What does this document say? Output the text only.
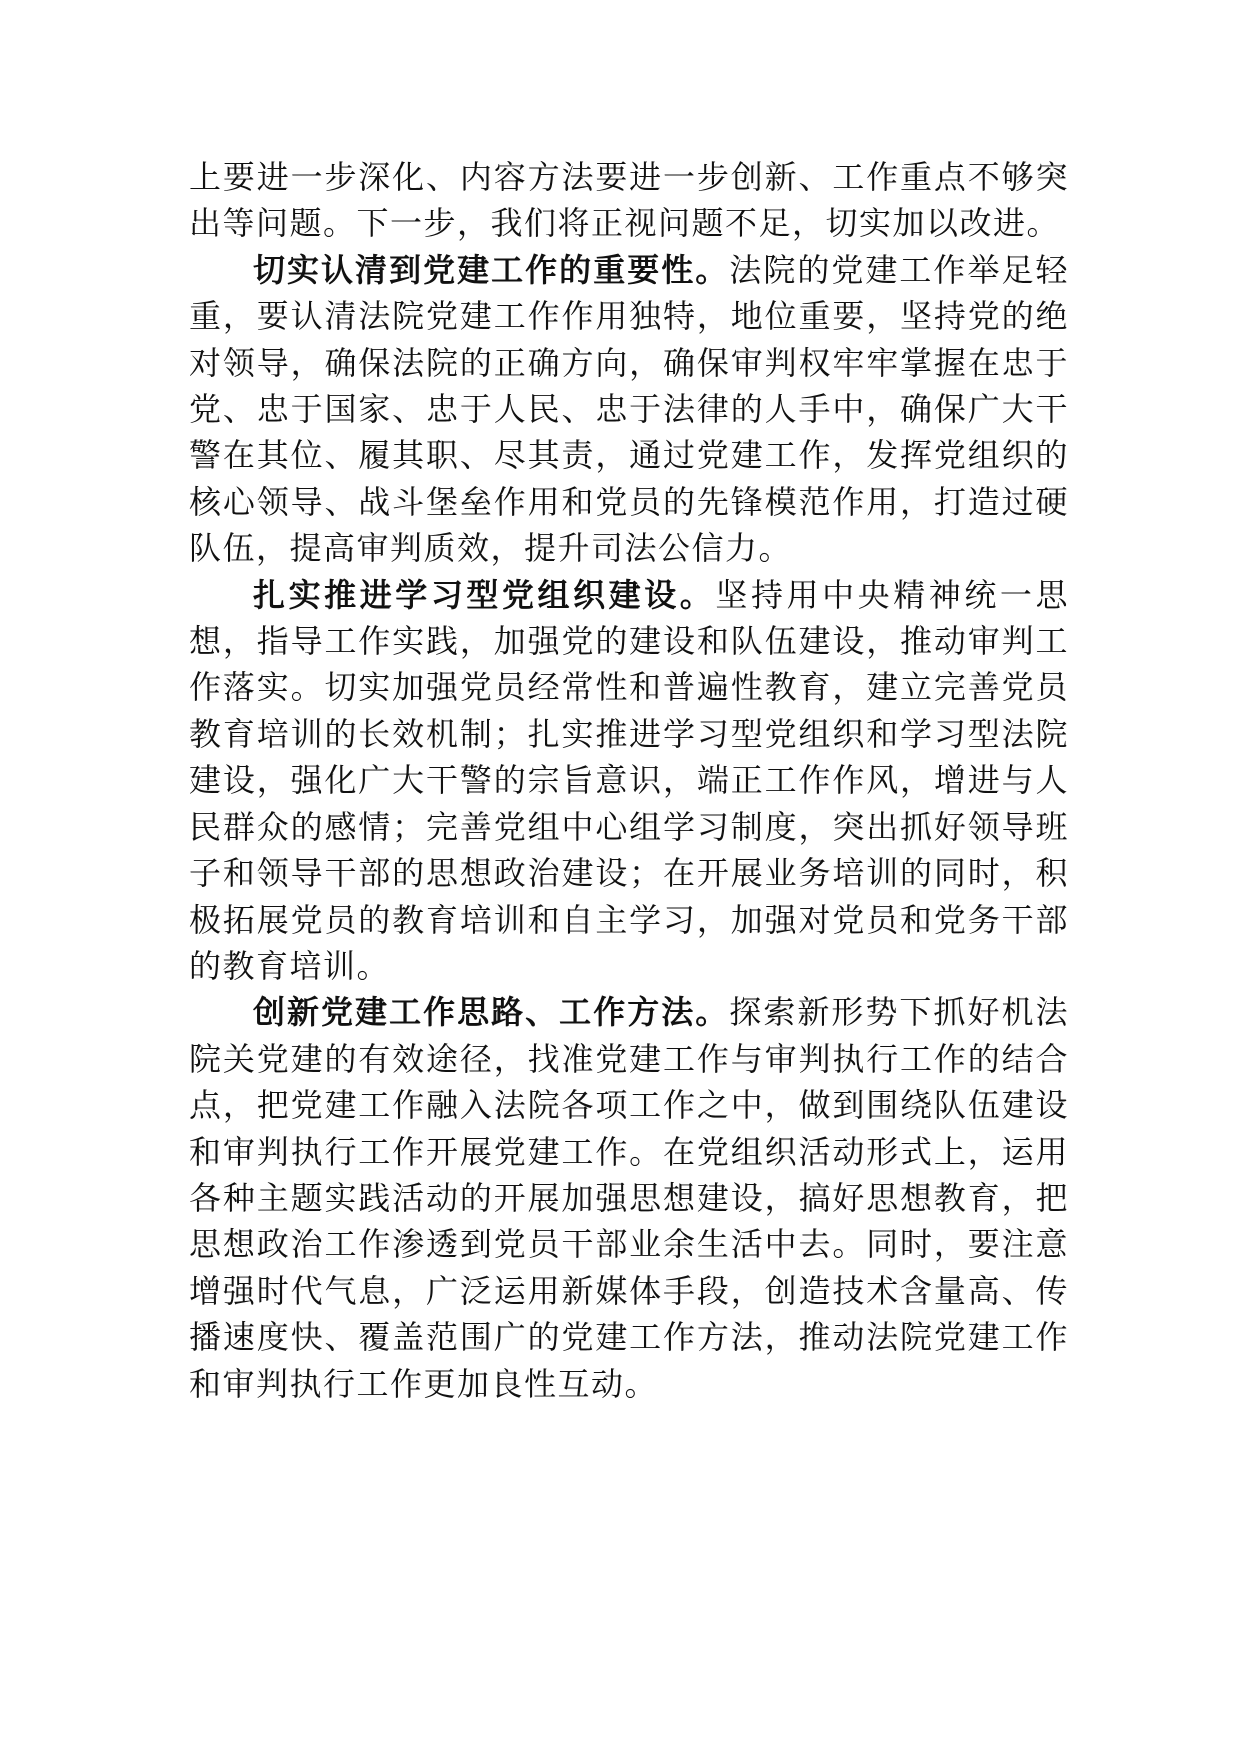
上要进一步深化、内容方法要进一步创新、工作重点不够突出等问题。下一步，我们将正视问题不足，切实加以改进。

切实认清到党建工作的重要性。法院的党建工作举足轻重，要认清法院党建工作作用独特，地位重要，坚持党的绝对领导，确保法院的正确方向，确保审判权牢牢掌握在忠于党、忠于国家、忠于人民、忠于法律的人手中，确保广大干警在其位、履其职、尽其责，通过党建工作，发挥党组织的核心领导、战斗堡垒作用和党员的先锋模范作用，打造过硬队伍，提高审判质效，提升司法公信力。

扎实推进学习型党组织建设。坚持用中央精神统一思想，指导工作实践，加强党的建设和队伍建设，推动审判工作落实。切实加强党员经常性和普遍性教育，建立完善党员教育培训的长效机制；扎实推进学习型党组织和学习型法院建设，强化广大干警的宗旨意识，端正工作作风，增进与人民群众的感情；完善党组中心组学习制度，突出抓好领导班子和领导干部的思想政治建设；在开展业务培训的同时，积极拓展党员的教育培训和自主学习，加强对党员和党务干部的教育培训。

创新党建工作思路、工作方法。探索新形势下抓好机法院关党建的有效途径，找准党建工作与审判执行工作的结合点，把党建工作融入法院各项工作之中，做到围绕队伍建设和审判执行工作开展党建工作。在党组织活动形式上，运用各种主题实践活动的开展加强思想建设，搞好思想教育，把思想政治工作渗透到党员干部业余生活中去。同时，要注意增强时代气息，广泛运用新媒体手段，创造技术含量高、传播速度快、覆盖范围广的党建工作方法，推动法院党建工作和审判执行工作更加良性互动。
